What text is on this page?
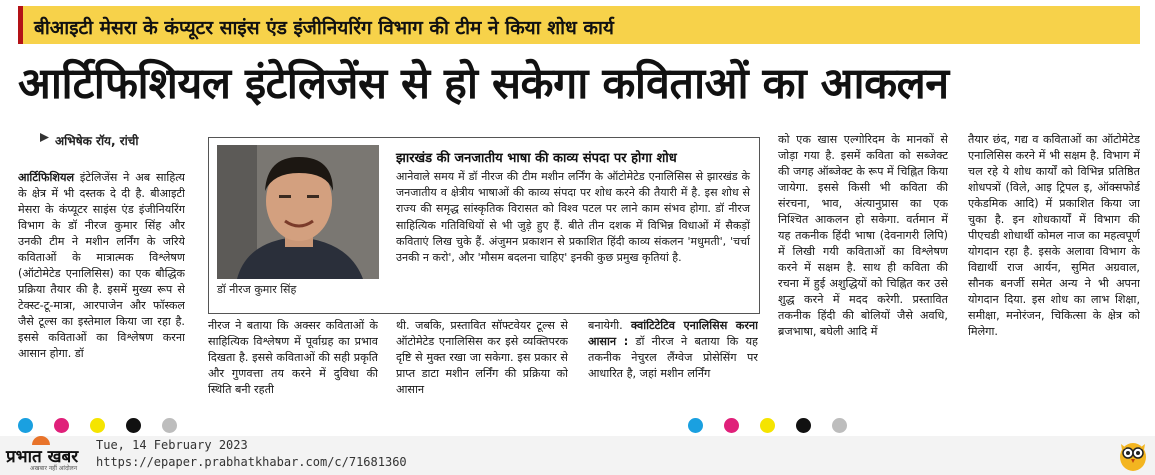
बीआइटी मेसरा के कंप्यूटर साइंस एंड इंजीनियरिंग विभाग की टीम ने किया शोध कार्य
आर्टिफिशियल इंटेलिजेंस से हो सकेगा कविताओं का आकलन
अभिषेक रॉय, रांची
आर्टिफिशियल इंटेलिजेंस ने अब साहित्य के क्षेत्र में भी दस्तक दे दी है. बीआइटी मेसरा के कंप्यूटर साइंस एंड इंजीनियरिंग विभाग के डॉ नीरज कुमार सिंह और उनकी टीम ने मशीन लर्निंग के जरिये कविताओं के मात्रात्मक विश्लेषण (ऑटोमेटेड एनालिसिस) का एक बौद्धिक प्रक्रिया तैयार की है. इसमें मुख्य रूप से टेक्स्ट-टू-मात्रा, आरपाजेन और फॉस्कल जैसे टूल्स का इस्तेमाल किया जा रहा है. इससे कविताओं का विश्लेषण करना आसान होगा. डॉ
डॉ नीरज कुमार सिंह
झारखंड की जनजातीय भाषा की काव्य संपदा पर होगा शोध
आनेवाले समय में डॉ नीरज की टीम मशीन लर्निंग के ऑटोमेटेड एनालिसिस से झारखंड के जनजातीय व क्षेत्रीय भाषाओं की काव्य संपदा पर शोध करने की तैयारी में है. इस शोध से राज्य की समृद्ध सांस्कृतिक विरासत को विश्व पटल पर लाने काम संभव होगा. डॉ नीरज साहित्यिक गतिविधियों से भी जुड़े हुए हैं. बीते तीन दशक में विभिन्न विधाओं में सैकड़ों कविताएं लिख चुके हैं. अंजुमन प्रकाशन से प्रकाशित हिंदी काव्य संकलन 'मधुमती', 'चर्चा उनकी न करो', और 'मौसम बदलना चाहिए' इनकी कुछ प्रमुख कृतियां है.
नीरज ने बताया कि अक्सर कविताओं के साहित्यिक विश्लेषण में पूर्वाग्रह का प्रभाव दिखता है. इससे कविताओं की सही प्रकृति और गुणवत्ता तय करने में दुविधा की स्थिति बनी रहती
थी. जबकि, प्रस्तावित सॉफ्टवेयर टूल्स से ऑटोमेटेड एनालिसिस कर इसे व्यक्तिपरक दृष्टि से मुक्त रखा जा सकेगा. इस प्रकार से प्राप्त डाटा मशीन लर्निंग की प्रक्रिया को आसान
बनायेगी. क्वांटिटेटिव एनालिसिस करना आसान : डॉ नीरज ने बताया कि यह तकनीक नेचुरल लैंग्वेज प्रोसेसिंग पर आधारित है, जहां मशीन लर्निंग
को एक खास एल्गोरिदम के मानकों से जोड़ा गया है. इसमें कविता को सब्जेक्ट की जगह ऑब्जेक्ट के रूप में चिह्नित किया जायेगा. इससे किसी भी कविता की संरचना, भाव, अंत्यानुप्रास का एक निश्चित आकलन हो सकेगा. वर्तमान में यह तकनीक हिंदी भाषा (देवनागरी लिपि) में लिखी गयी कविताओं का विश्लेषण करने में सक्षम है. साथ ही कविता की रचना में हुई अशुद्धियों को चिह्नित कर उसे शुद्ध करने में मदद करेगी. प्रस्तावित तकनीक हिंदी की बोलियों जैसे अवधि, ब्रजभाषा, बघेली आदि में
तैयार छंद, गद्य व कविताओं का ऑटोमेटेड एनालिसिस करने में भी सक्षम है. विभाग में चल रहे ये शोध कार्यों को विभिन्न प्रतिष्ठित शोधपत्रों (विले, आइ ट्रिपल इ, ऑक्सफोर्ड एकेडमिक आदि) में प्रकाशित किया जा चुका है. इन शोधकार्यों में विभाग की पीएचडी शोधार्थी कोमल नाज का महत्वपूर्ण योगदान रहा है. इसके अलावा विभाग के विद्यार्थी राज आर्यन, सुमित अग्रवाल, सौनक बनर्जी समेत अन्य ने भी अपना योगदान दिया. इस शोध का लाभ शिक्षा, समीक्षा, मनोरंजन, चिकित्सा के क्षेत्र को मिलेगा.
प्रभात खबर
अखबार नहीं आंदोलन
Tue, 14 February 2023
https://epaper.prabhatkhabar.com/c/71681360
